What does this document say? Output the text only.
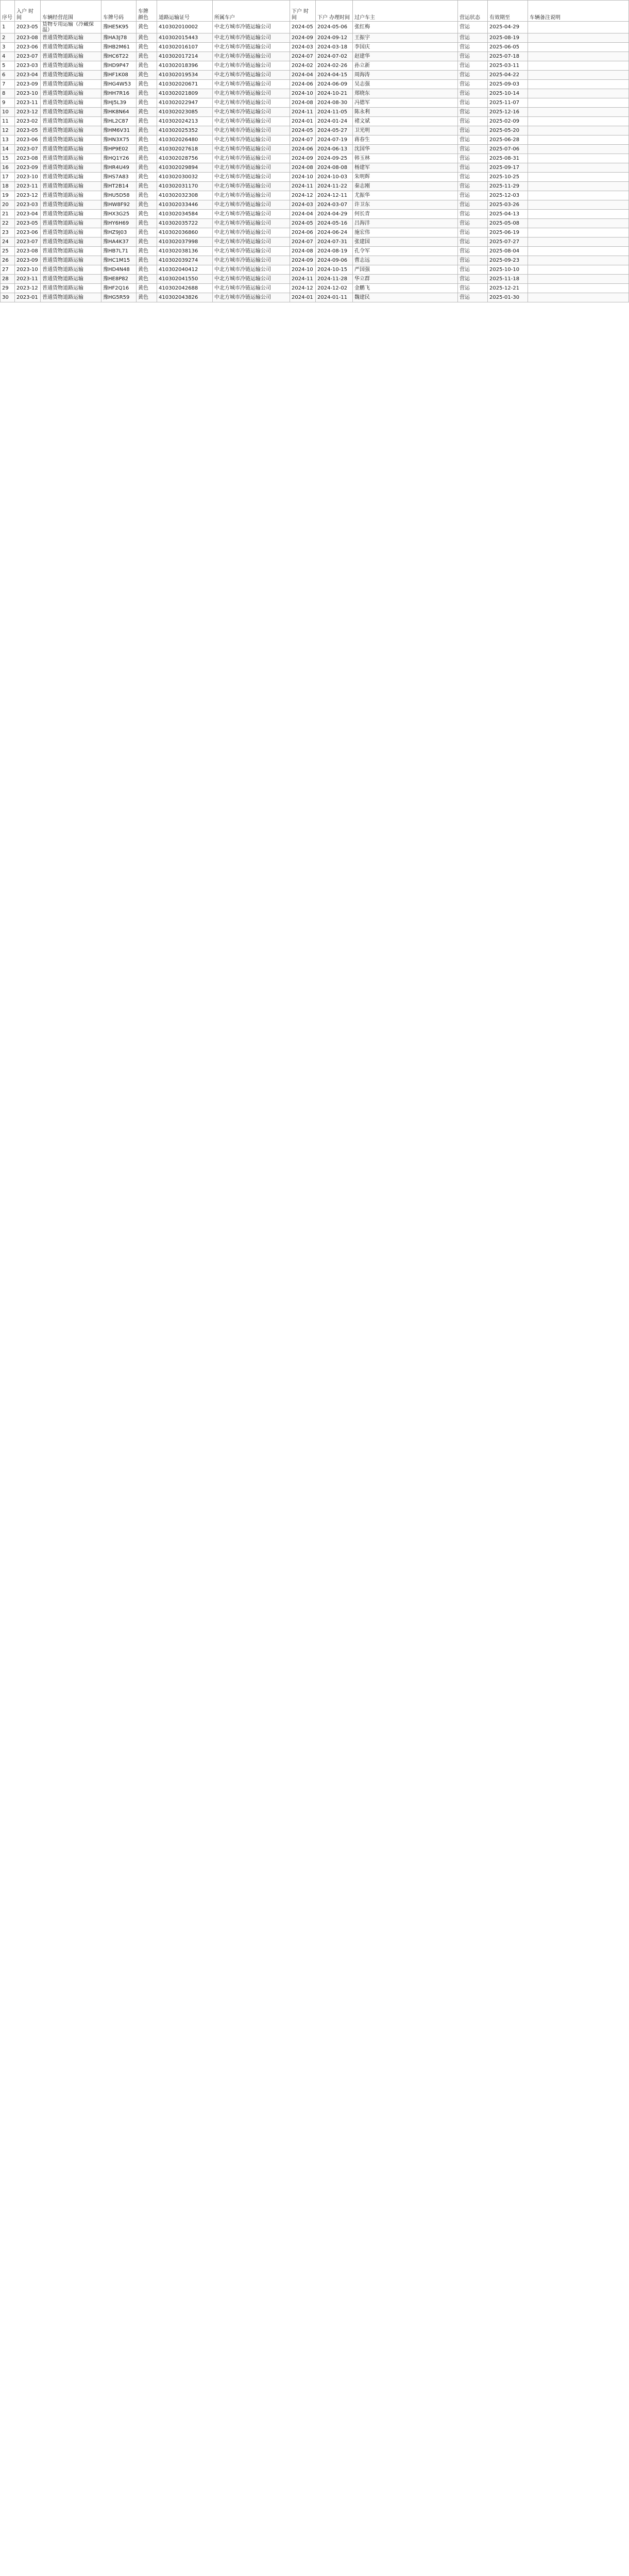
序号	入户 时间	车辆经营范围	车牌号码	车牌 颜色	道路运输证号	所属车户	下户 时间	下户 办理时间	过户车主	营运状态	有效期至	车辆备注说明
1	2023-05	货物专用运输（冷藏保温）	豫HE5K95	黄色	410302010002	中北方城市冷链运输公司	2024-05	2024-05-06	张红梅	营运	2025-04-29	
2	2023-08	普通货物道路运输	豫HA3J78	黄色	410302015443	中北方城市冷链运输公司	2024-09	2024-09-12	王振宇	营运	2025-08-19	
3	2023-06	普通货物道路运输	豫HB2M61	黄色	410302016107	中北方城市冷链运输公司	2024-03	2024-03-18	李国庆	营运	2025-06-05	
4	2023-07	普通货物道路运输	豫HC6T22	黄色	410302017214	中北方城市冷链运输公司	2024-07	2024-07-02	赵建华	营运	2025-07-18	
5	2023-03	普通货物道路运输	豫HD9P47	黄色	410302018396	中北方城市冷链运输公司	2024-02	2024-02-26	孙立新	营运	2025-03-11	
6	2023-04	普通货物道路运输	豫HF1K08	黄色	410302019534	中北方城市冷链运输公司	2024-04	2024-04-15	周海涛	营运	2025-04-22	
7	2023-09	普通货物道路运输	豫HG4W53	黄色	410302020671	中北方城市冷链运输公司	2024-06	2024-06-09	吴志强	营运	2025-09-03	
8	2023-10	普通货物道路运输	豫HH7R16	黄色	410302021809	中北方城市冷链运输公司	2024-10	2024-10-21	郑晓东	营运	2025-10-14	
9	2023-11	普通货物道路运输	豫HJ5L39	黄色	410302022947	中北方城市冷链运输公司	2024-08	2024-08-30	冯德军	营运	2025-11-07	
10	2023-12	普通货物道路运输	豫HK8N64	黄色	410302023085	中北方城市冷链运输公司	2024-11	2024-11-05	陈永利	营运	2025-12-16	
11	2023-02	普通货物道路运输	豫HL2C87	黄色	410302024213	中北方城市冷链运输公司	2024-01	2024-01-24	褚文斌	营运	2025-02-09	
12	2023-05	普通货物道路运输	豫HM6V31	黄色	410302025352	中北方城市冷链运输公司	2024-05	2024-05-27	卫光明	营运	2025-05-20	
13	2023-06	普通货物道路运输	豫HN3X75	黄色	410302026480	中北方城市冷链运输公司	2024-07	2024-07-19	蒋春生	营运	2025-06-28	
14	2023-07	普通货物道路运输	豫HP9E02	黄色	410302027618	中北方城市冷链运输公司	2024-06	2024-06-13	沈国华	营运	2025-07-06	
15	2023-08	普通货物道路运输	豫HQ1Y26	黄色	410302028756	中北方城市冷链运输公司	2024-09	2024-09-25	韩玉林	营运	2025-08-31	
16	2023-09	普通货物道路运输	豫HR4U49	黄色	410302029894	中北方城市冷链运输公司	2024-08	2024-08-08	杨建军	营运	2025-09-17	
17	2023-10	普通货物道路运输	豫HS7A83	黄色	410302030032	中北方城市冷链运输公司	2024-10	2024-10-03	朱明辉	营运	2025-10-25	
18	2023-11	普通货物道路运输	豫HT2B14	黄色	410302031170	中北方城市冷链运输公司	2024-11	2024-11-22	秦志刚	营运	2025-11-29	
19	2023-12	普通货物道路运输	豫HU5D58	黄色	410302032308	中北方城市冷链运输公司	2024-12	2024-12-11	尤振华	营运	2025-12-03	
20	2023-03	普通货物道路运输	豫HW8F92	黄色	410302033446	中北方城市冷链运输公司	2024-03	2024-03-07	许卫东	营运	2025-03-26	
21	2023-04	普通货物道路运输	豫HX3G25	黄色	410302034584	中北方城市冷链运输公司	2024-04	2024-04-29	何长青	营运	2025-04-13	
22	2023-05	普通货物道路运输	豫HY6H69	黄色	410302035722	中北方城市冷链运输公司	2024-05	2024-05-16	吕海洋	营运	2025-05-08	
23	2023-06	普通货物道路运输	豫HZ9J03	黄色	410302036860	中北方城市冷链运输公司	2024-06	2024-06-24	施宏伟	营运	2025-06-19	
24	2023-07	普通货物道路运输	豫HA4K37	黄色	410302037998	中北方城市冷链运输公司	2024-07	2024-07-31	张建国	营运	2025-07-27	
25	2023-08	普通货物道路运输	豫HB7L71	黄色	410302038136	中北方城市冷链运输公司	2024-08	2024-08-19	孔令军	营运	2025-08-04	
26	2023-09	普通货物道路运输	豫HC1M15	黄色	410302039274	中北方城市冷链运输公司	2024-09	2024-09-06	曹志远	营运	2025-09-23	
27	2023-10	普通货物道路运输	豫HD4N48	黄色	410302040412	中北方城市冷链运输公司	2024-10	2024-10-15	严国强	营运	2025-10-10	
28	2023-11	普通货物道路运输	豫HE8P82	黄色	410302041550	中北方城市冷链运输公司	2024-11	2024-11-28	华立群	营运	2025-11-18	
29	2023-12	普通货物道路运输	豫HF2Q16	黄色	410302042688	中北方城市冷链运输公司	2024-12	2024-12-02	金鹏飞	营运	2025-12-21	
30	2023-01	普通货物道路运输	豫HG5R59	黄色	410302043826	中北方城市冷链运输公司	2024-01	2024-01-11	魏建民	营运	2025-01-30	
